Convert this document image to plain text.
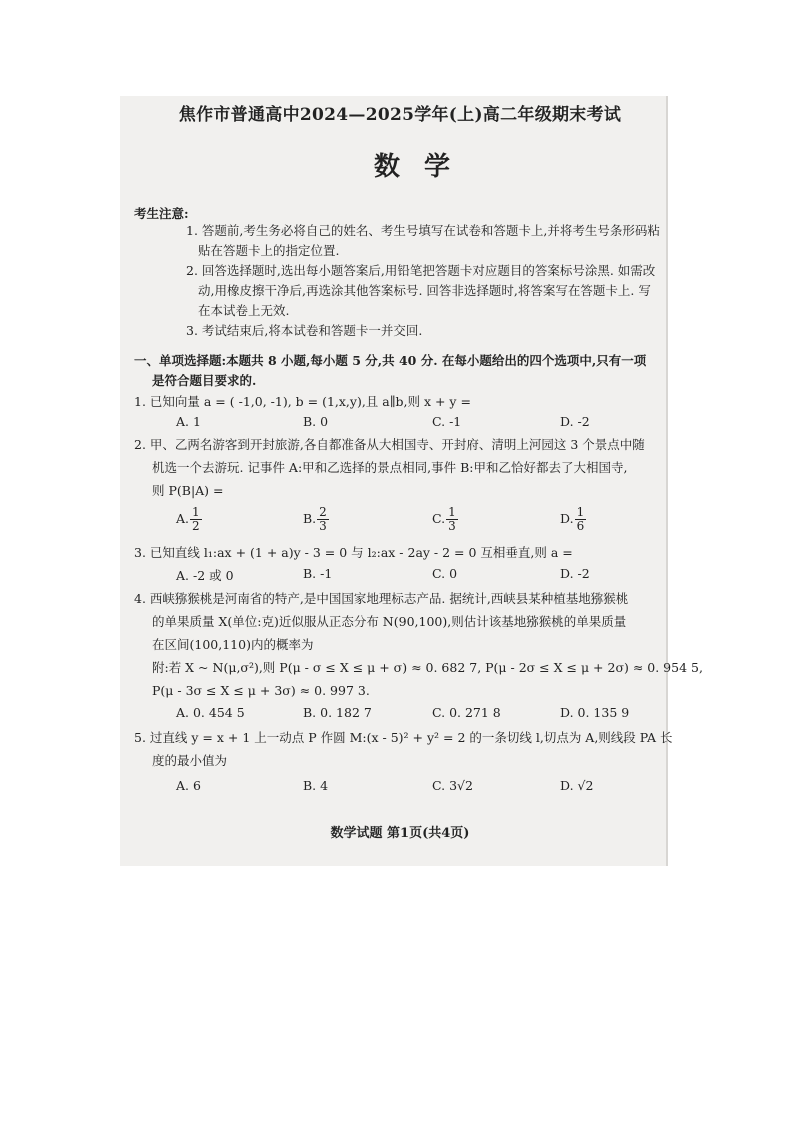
焦作市普通高中2024—2025学年(上)高二年级期末考试
数学
考生注意:
1. 答题前,考生务必将自己的姓名、考生号填写在试卷和答题卡上,并将考生号条形码粘
贴在答题卡上的指定位置.
2. 回答选择题时,选出每小题答案后,用铅笔把答题卡对应题目的答案标号涂黑. 如需改
动,用橡皮擦干净后,再选涂其他答案标号. 回答非选择题时,将答案写在答题卡上. 写
在本试卷上无效.
3. 考试结束后,将本试卷和答题卡一并交回.
一、单项选择题:本题共 8 小题,每小题 5 分,共 40 分. 在每小题给出的四个选项中,只有一项
是符合题目要求的.
1. 已知向量 a = ( -1,0, -1), b = (1,x,y),且 a∥b,则 x + y =
A. 1	B. 0	C. -1	D. -2
2. 甲、乙两名游客到开封旅游,各自都准备从大相国寺、开封府、清明上河园这 3 个景点中随
机选一个去游玩. 记事件 A:甲和乙选择的景点相同,事件 B:甲和乙恰好都去了大相国寺,
则 P(B|A) =
A. $\frac{1}{2}$	B. $\frac{2}{3}$	C. $\frac{1}{3}$	D. $\frac{1}{6}$
3. 已知直线 l₁:ax + (1 + a)y - 3 = 0 与 l₂:ax - 2ay - 2 = 0 互相垂直,则 a =
A. -2 或 0	B. -1	C. 0	D. -2
4. 西峡猕猴桃是河南省的特产,是中国国家地理标志产品. 据统计,西峡县某种植基地猕猴桃
的单果质量 X(单位:克)近似服从正态分布 N(90,100),则估计该基地猕猴桃的单果质量
在区间(100,110)内的概率为
附:若 X ~ N(μ,σ²),则 P(μ - σ ≤ X ≤ μ + σ) ≈ 0. 682 7, P(μ - 2σ ≤ X ≤ μ + 2σ) ≈ 0. 954 5,
P(μ - 3σ ≤ X ≤ μ + 3σ) ≈ 0. 997 3.
A. 0. 454 5	B. 0. 182 7	C. 0. 271 8	D. 0. 135 9
5. 过直线 y = x + 1 上一动点 P 作圆 M:(x - 5)² + y² = 2 的一条切线 l,切点为 A,则线段 PA 长
度的最小值为
A. 6	B. 4	C. 3√2	D. √2
数学试题 第1页(共4页)
